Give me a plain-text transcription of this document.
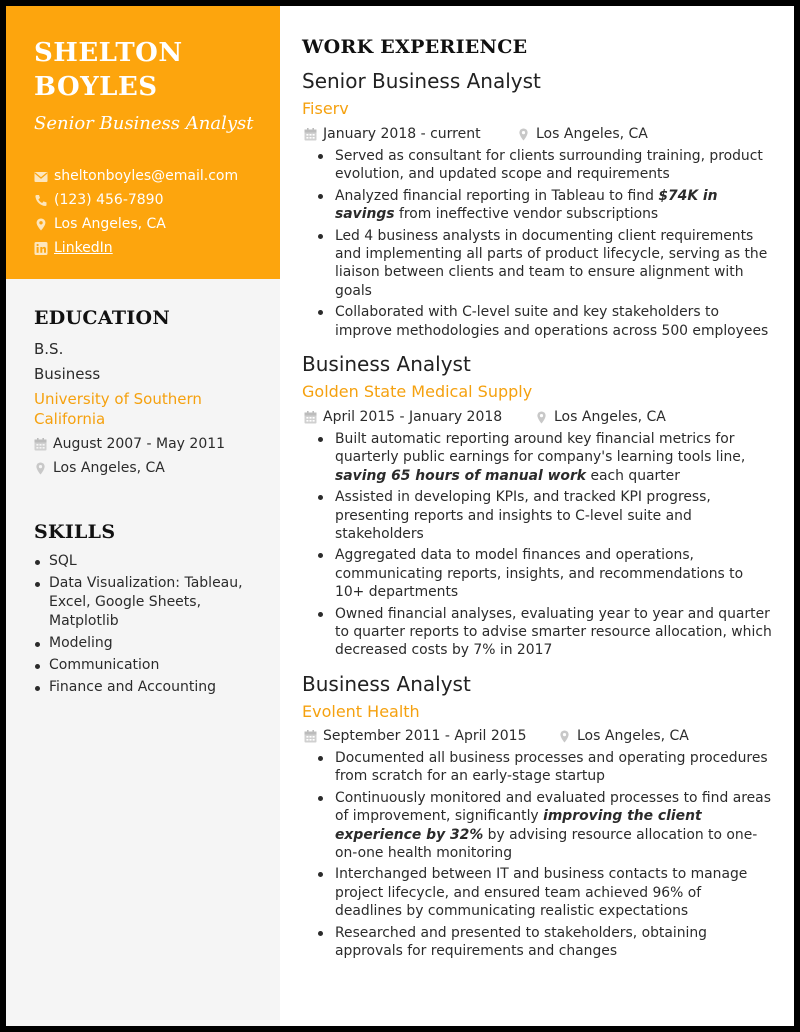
SHELTON
BOYLES
Senior Business Analyst
sheltonboyles@email.com
(123) 456-7890
Los Angeles, CA
LinkedIn
EDUCATION
B.S.
Business
University of Southern California
August 2007 - May 2011
Los Angeles, CA
SKILLS
SQL
Data Visualization: Tableau, Excel, Google Sheets, Matplotlib
Modeling
Communication
Finance and Accounting
WORK EXPERIENCE
Senior Business Analyst
Fiserv
January 2018 - current	Los Angeles, CA
Served as consultant for clients surrounding training, product evolution, and updated scope and requirements
Analyzed financial reporting in Tableau to find $74K in savings from ineffective vendor subscriptions
Led 4 business analysts in documenting client requirements and implementing all parts of product lifecycle, serving as the liaison between clients and team to ensure alignment with goals
Collaborated with C-level suite and key stakeholders to improve methodologies and operations across 500 employees
Business Analyst
Golden State Medical Supply
April 2015 - January 2018	Los Angeles, CA
Built automatic reporting around key financial metrics for quarterly public earnings for company's learning tools line, saving 65 hours of manual work each quarter
Assisted in developing KPIs, and tracked KPI progress, presenting reports and insights to C-level suite and stakeholders
Aggregated data to model finances and operations, communicating reports, insights, and recommendations to 10+ departments
Owned financial analyses, evaluating year to year and quarter to quarter reports to advise smarter resource allocation, which decreased costs by 7% in 2017
Business Analyst
Evolent Health
September 2011 - April 2015	Los Angeles, CA
Documented all business processes and operating procedures from scratch for an early-stage startup
Continuously monitored and evaluated processes to find areas of improvement, significantly improving the client experience by 32% by advising resource allocation to one-on-one health monitoring
Interchanged between IT and business contacts to manage project lifecycle, and ensured team achieved 96% of deadlines by communicating realistic expectations
Researched and presented to stakeholders, obtaining approvals for requirements and changes
